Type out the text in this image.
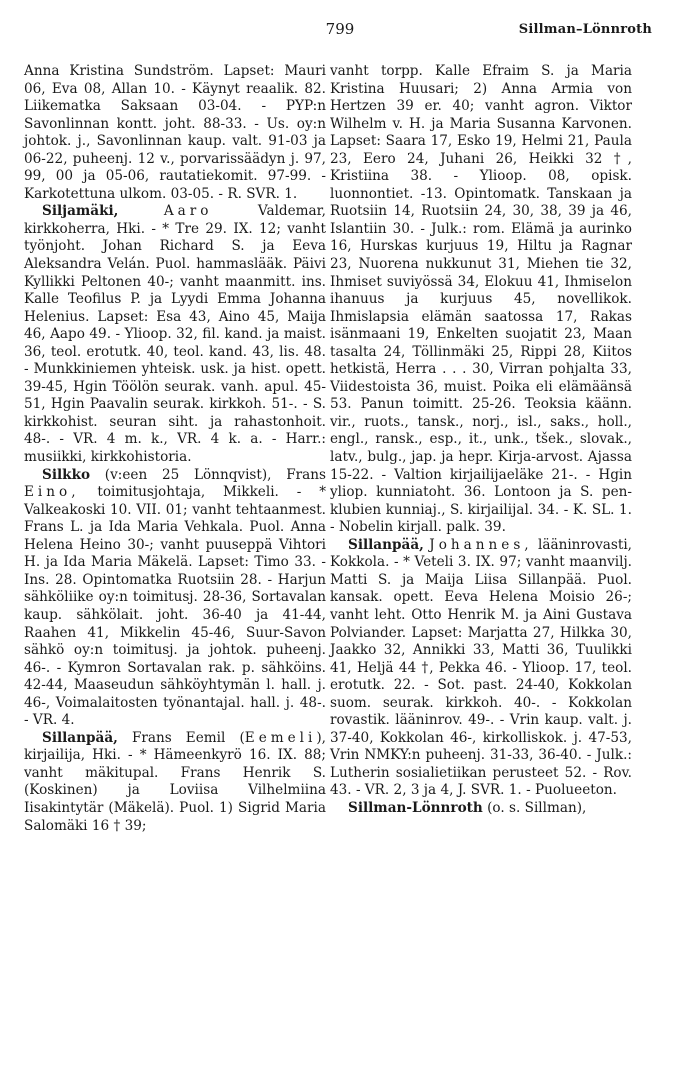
799	Sillman–Lönnroth

Anna Kristina Sundström. Lapset: Mauri 06, Eva 08, Allan 10. - Käynyt reaalik. 82. Liikematka Saksaan 03-04. - PYP:n Savonlinnan kontt. joht. 88-33. - Us. oy:n johtok. j., Savonlinnan kaup. valt. 91-03 ja 06-22, puheenj. 12 v., porvarissäädyn j. 97, 99, 00 ja 05-06, rautatiekomit. 97-99. - Karkotettuna ulkom. 03-05. - R. SVR. 1.

Siljamäki,	Aaro Valdemar, kirkkoherra, Hki. - * Tre 29. IX. 12; vanht työnjoht. Johan Richard S. ja Eeva Aleksandra Velán. Puol. hammaslääk. Päivi Kyllikki Peltonen 40-; vanht maanmitt. ins. Kalle Teofilus P. ja Lyydi Emma Johanna Helenius. Lapset: Esa 43, Aino 45, Maija 46, Aapo 49. - Ylioop. 32, fil. kand. ja maist. 36, teol. erotutk. 40, teol. kand. 43, lis. 48. - Munkkiniemen yhteisk. usk. ja hist. opett. 39-45, Hgin Töölön seurak. vanh. apul. 45-51, Hgin Paavalin seurak. kirkkoh. 51-. - S. kirkkohist. seuran siht. ja rahastonhoit. 48-. - VR. 4 m. k., VR. 4 k. a. - Harr.: musiikki, kirkkohistoria.

Silkko (v:een 25 Lönnqvist), Frans Eino, toimitusjohtaja, Mikkeli. - * Valkeakoski 10. VII. 01; vanht tehtaanmest. Frans L. ja Ida Maria Vehkala. Puol. Anna Helena Heino 30-; vanht puuseppä Vihtori H. ja Ida Maria Mäkelä. Lapset: Timo 33. - Ins. 28. Opintomatka Ruotsiin 28. - Harjun sähköliike oy:n toimitusj. 28-36, Sortavalan kaup. sähkölait. joht. 36-40 ja 41-44, Raahen 41, Mikkelin 45-46, Suur-Savon sähkö oy:n toimitusj. ja johtok. puheenj. 46-. - Kymron Sortavalan rak. p. sähköins. 42-44, Maaseudun sähköyhtymän l. hall. j. 46-, Voimalaitosten työnantajal. hall. j. 48-. - VR. 4.

Sillanpää, Frans Eemil (Eemeli), kirjailija, Hki. - * Hämeenkyrö 16. IX. 88; vanht mäkitupal. Frans Henrik S. (Koskinen) ja Loviisa Vilhelmiina Iisakintytär (Mäkelä). Puol. 1) Sigrid Maria Salomäki 16 † 39;

vanht torpp. Kalle Efraim S. ja Maria Kristina Huusari; 2) Anna Armia von Hertzen 39 er. 40; vanht agron. Viktor Wilhelm v. H. ja Maria Susanna Karvonen. Lapset: Saara 17, Esko 19, Helmi 21, Paula 23, Eero 24, Juhani 26, Heikki 32 †, Kristiina 38. - Ylioop. 08, opisk. luonnontiet. -13. Opintomatk. Tanskaan ja Ruotsiin 14, Ruotsiin 24, 30, 38, 39 ja 46, Islantiin 30. - Julk.: rom. Elämä ja aurinko 16, Hurskas kurjuus 19, Hiltu ja Ragnar 23, Nuorena nukkunut 31, Miehen tie 32, Ihmiset suviyössä 34, Elokuu 41, Ihmiselon ihanuus ja kurjuus 45, novellikok. Ihmislapsia elämän saatossa 17, Rakas isänmaani 19, Enkelten suojatit 23, Maan tasalta 24, Töllinmäki 25, Rippi 28, Kiitos hetkistä, Herra . . . 30, Virran pohjalta 33, Viidestoista 36, muist. Poika eli elämäänsä 53. Panun toimitt. 25-26. Teoksia käänn. vir., ruots., tansk., norj., isl., saks., holl., engl., ransk., esp., it., unk., tšek., slovak., latv., bulg., jap. ja hepr. Kirja-arvost. Ajassa 15-22. - Valtion kirjailijaeläke 21-. - Hgin yliop. kunniatoht. 36. Lontoon ja S. pen-klubien kunniaj., S. kirjailijal. 34. - K. SL. 1. - Nobelin kirjall. palk. 39.

Sillanpää, Johannes, lääninrovasti, Kokkola. - * Veteli 3. IX. 97; vanht maanvilj. Matti S. ja Maija Liisa Sillanpää. Puol. kansak. opett. Eeva Helena Moisio 26-; vanht leht. Otto Henrik M. ja Aini Gustava Polviander. Lapset: Marjatta 27, Hilkka 30, Jaakko 32, Annikki 33, Matti 36, Tuulikki 41, Heljä 44 †, Pekka 46. - Ylioop. 17, teol. erotutk. 22. - Sot. past. 24-40, Kokkolan suom. seurak. kirkkoh. 40-. - Kokkolan rovastik. lääninrov. 49-. - Vrin kaup. valt. j. 37-40, Kokkolan 46-, kirkolliskok. j. 47-53, Vrin NMKY:n puheenj. 31-33, 36-40. - Julk.: Lutherin sosialietiikan perusteet 52. - Rov. 43. - VR. 2, 3 ja 4, J. SVR. 1. - Puolueeton.

Sillman-Lönnroth (o. s. Sillman),
